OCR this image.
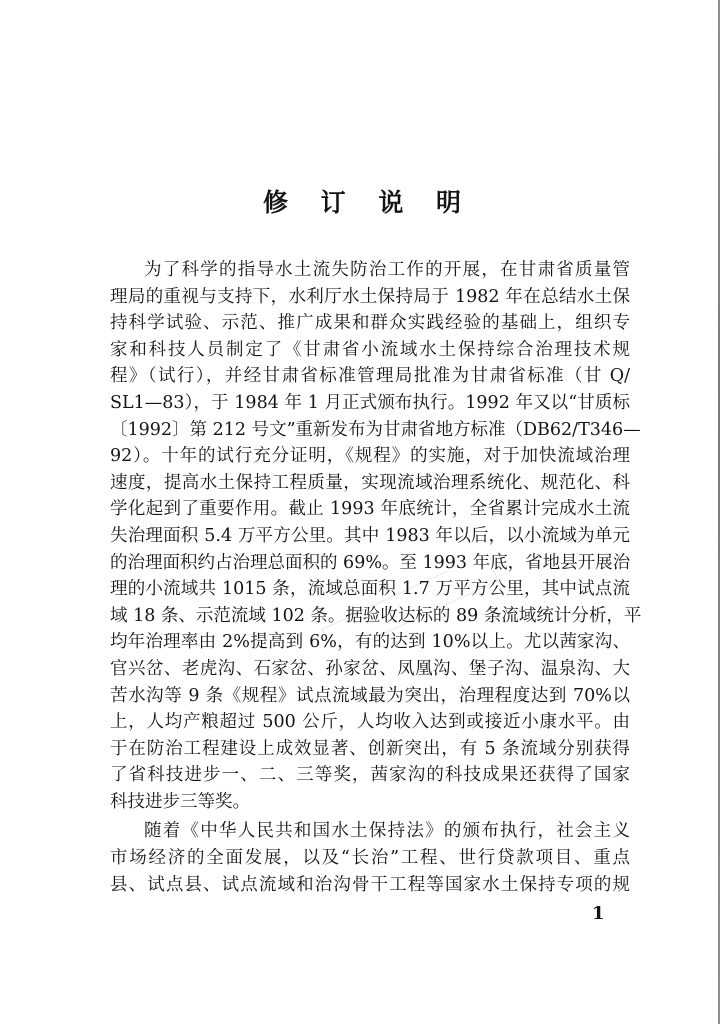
修 订 说 明
为了科学的指导水土流失防治工作的开展，在甘肃省质量管
理局的重视与支持下，水利厅水土保持局于 1982 年在总结水土保
持科学试验、示范、推广成果和群众实践经验的基础上，组织专
家和科技人员制定了《甘肃省小流域水土保持综合治理技术规
程》（试行），并经甘肃省标准管理局批准为甘肃省标准（甘 Q/
SL1—83），于 1984 年 1 月正式颁布执行。1992 年又以“甘质标
〔1992〕第 212 号文”重新发布为甘肃省地方标准（DB62/T346—
92）。十年的试行充分证明，《规程》的实施，对于加快流域治理
速度，提高水土保持工程质量，实现流域治理系统化、规范化、科
学化起到了重要作用。截止 1993 年底统计，全省累计完成水土流
失治理面积 5.4 万平方公里。其中 1983 年以后，以小流域为单元
的治理面积约占治理总面积的 69%。至 1993 年底，省地县开展治
理的小流域共 1015 条，流域总面积 1.7 万平方公里，其中试点流
域 18 条、示范流域 102 条。据验收达标的 89 条流域统计分析，平
均年治理率由 2%提高到 6%，有的达到 10%以上。尤以茜家沟、
官兴岔、老虎沟、石家岔、孙家岔、凤凰沟、堡子沟、温泉沟、大
苦水沟等 9 条《规程》试点流域最为突出，治理程度达到 70%以
上，人均产粮超过 500 公斤，人均收入达到或接近小康水平。由
于在防治工程建设上成效显著、创新突出，有 5 条流域分别获得
了省科技进步一、二、三等奖，茜家沟的科技成果还获得了国家
科技进步三等奖。
随着《中华人民共和国水土保持法》的颁布执行，社会主义
市场经济的全面发展，以及“长治”工程、世行贷款项目、重点
县、试点县、试点流域和治沟骨干工程等国家水土保持专项的规
1
